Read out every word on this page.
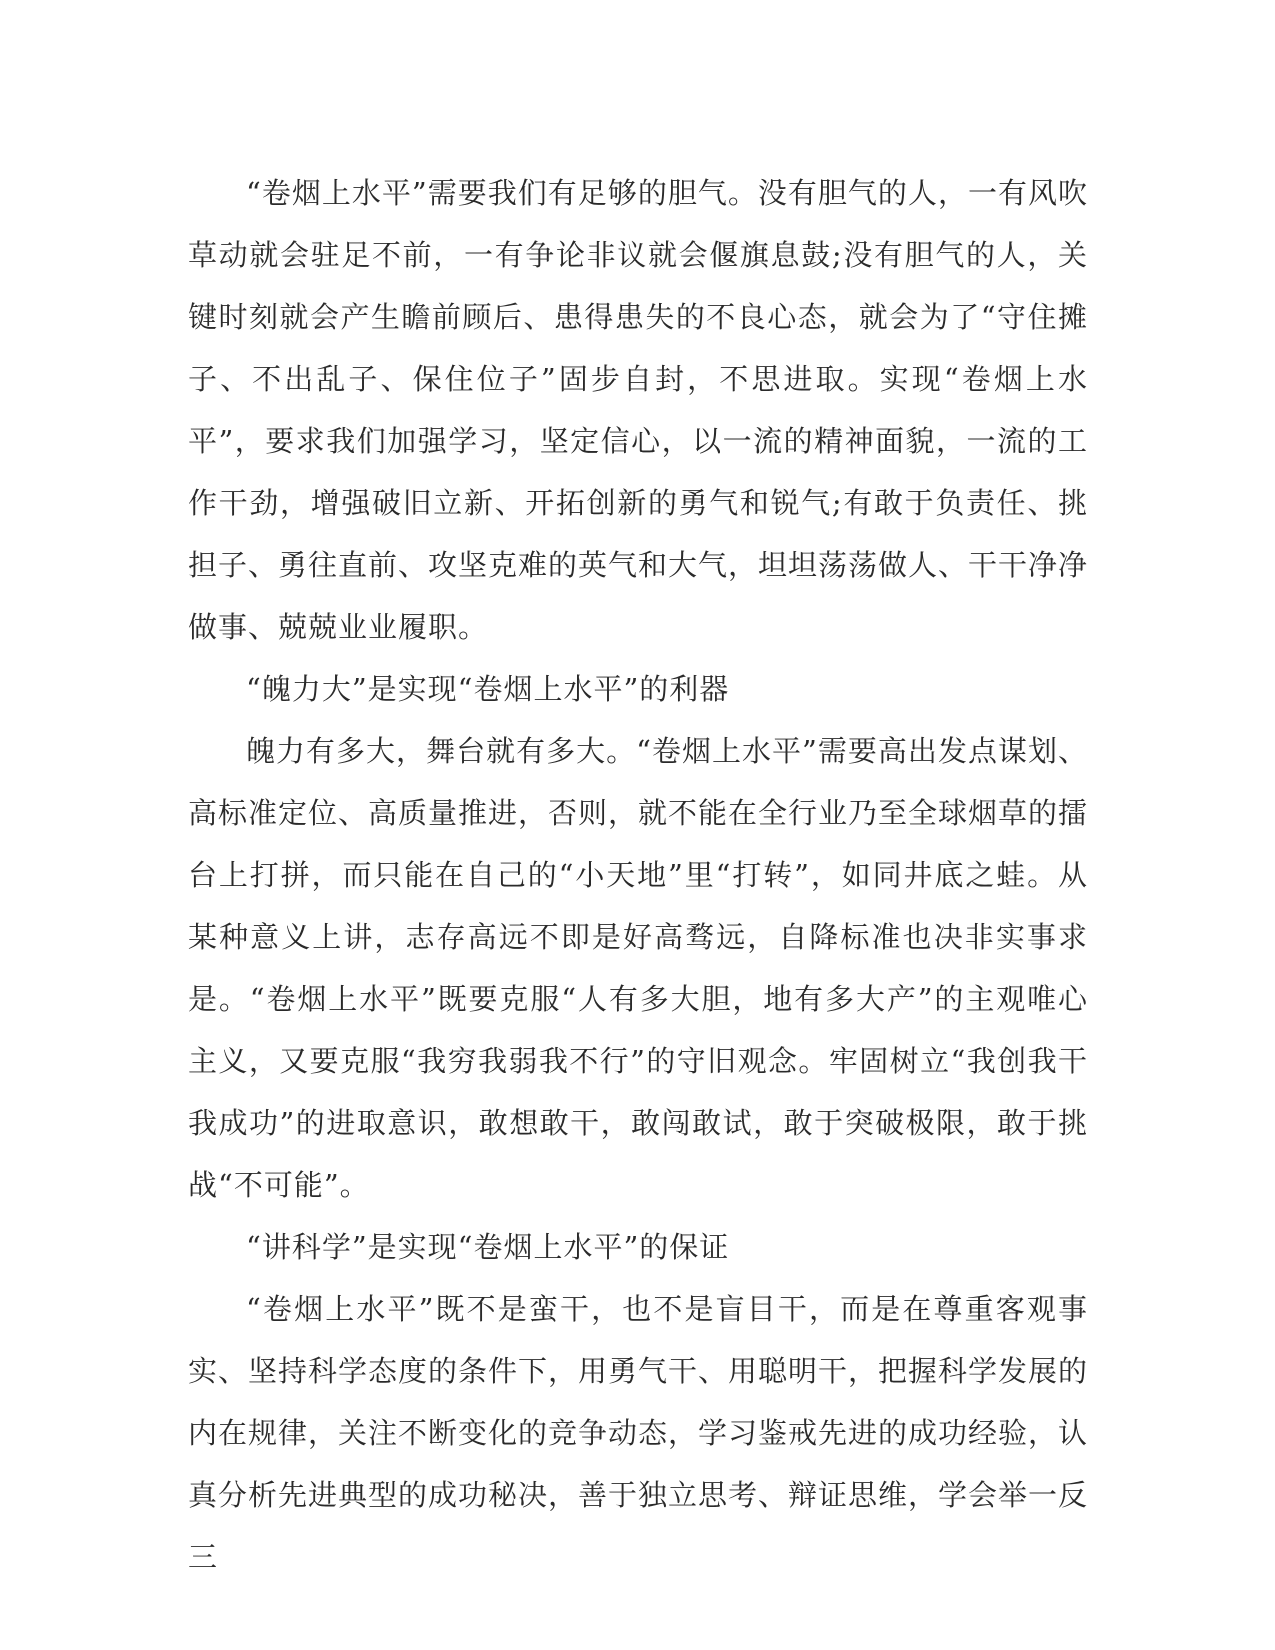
“卷烟上水平”需要我们有足够的胆气。没有胆气的人，一有风吹草动就会驻足不前，一有争论非议就会偃旗息鼓;没有胆气的人，关键时刻就会产生瞻前顾后、患得患失的不良心态，就会为了“守住摊子、不出乱子、保住位子”固步自封，不思进取。实现“卷烟上水平”，要求我们加强学习，坚定信心，以一流的精神面貌，一流的工作干劲，增强破旧立新、开拓创新的勇气和锐气;有敢于负责任、挑担子、勇往直前、攻坚克难的英气和大气，坦坦荡荡做人、干干净净做事、兢兢业业履职。

“魄力大”是实现“卷烟上水平”的利器

魄力有多大，舞台就有多大。“卷烟上水平”需要高出发点谋划、高标准定位、高质量推进，否则，就不能在全行业乃至全球烟草的擂台上打拼，而只能在自己的“小天地”里“打转”，如同井底之蛙。从某种意义上讲，志存高远不即是好高骛远，自降标准也决非实事求是。“卷烟上水平”既要克服“人有多大胆，地有多大产”的主观唯心主义，又要克服“我穷我弱我不行”的守旧观念。牢固树立“我创我干我成功”的进取意识，敢想敢干，敢闯敢试，敢于突破极限，敢于挑战“不可能”。

“讲科学”是实现“卷烟上水平”的保证

“卷烟上水平”既不是蛮干，也不是盲目干，而是在尊重客观事实、坚持科学态度的条件下，用勇气干、用聪明干，把握科学发展的内在规律，关注不断变化的竞争动态，学习鉴戒先进的成功经验，认真分析先进典型的成功秘决，善于独立思考、辩证思维，学会举一反三
